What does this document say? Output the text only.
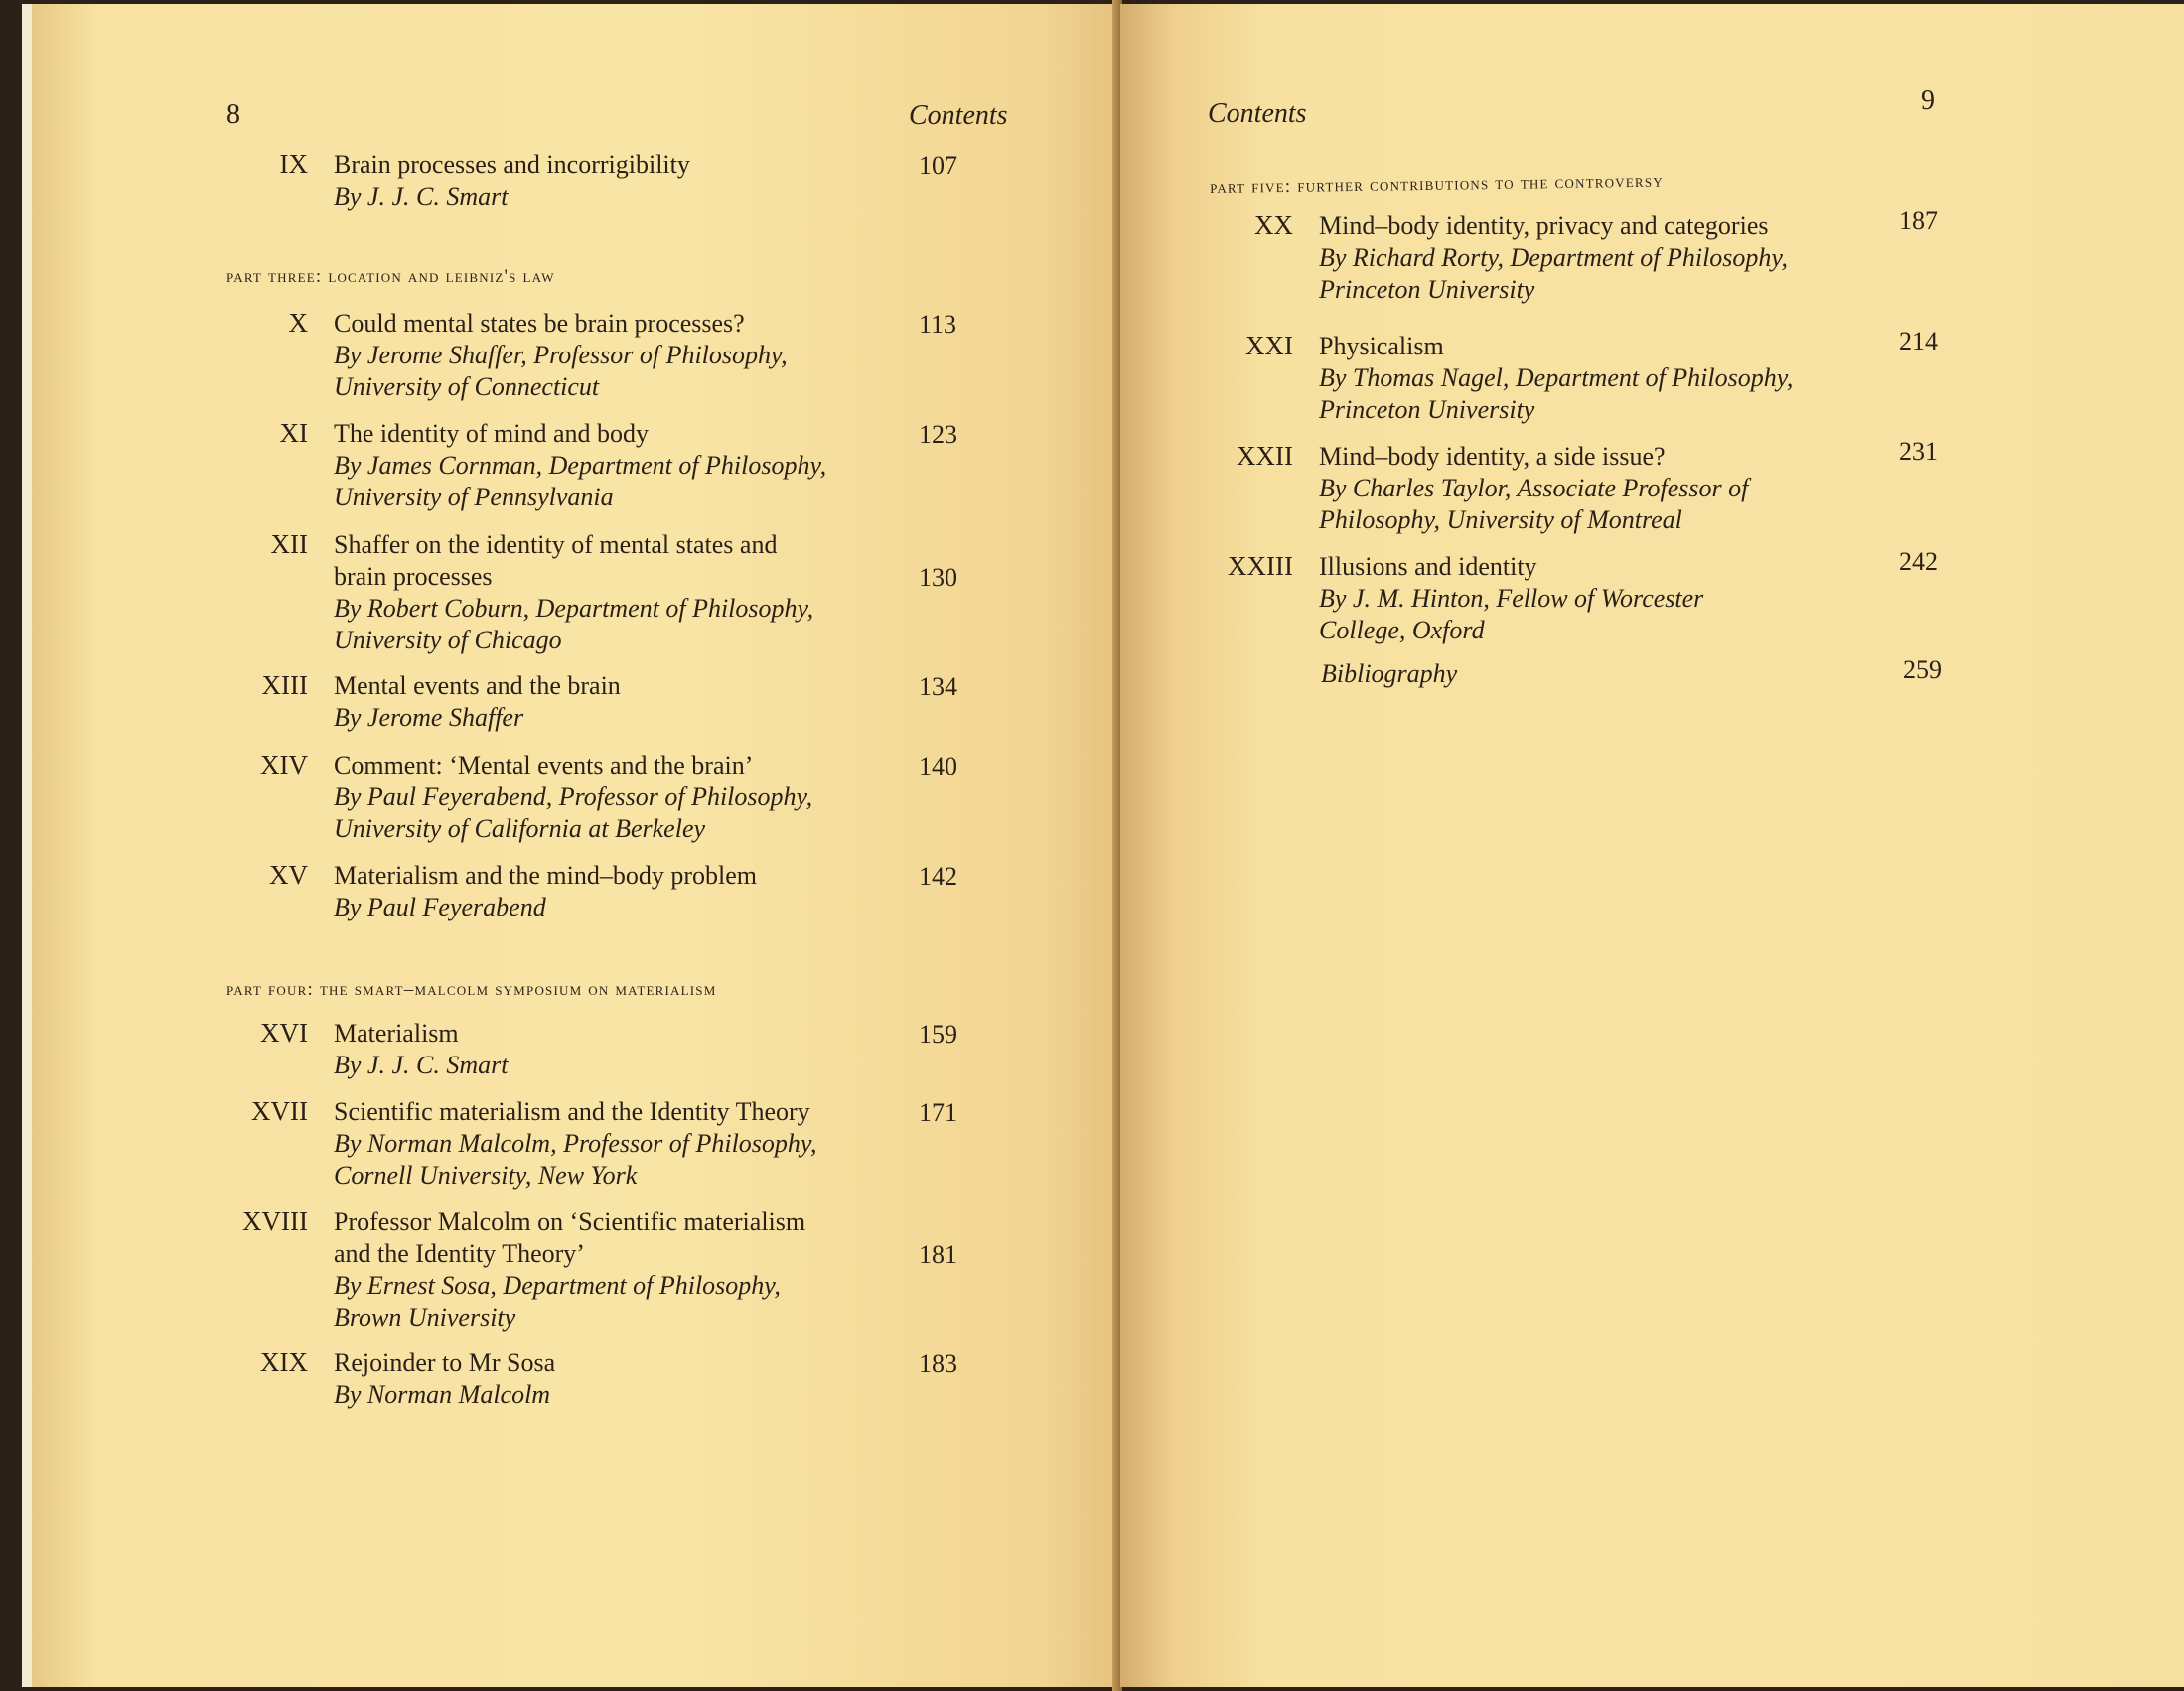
8	Contents	Contents	9
part three: location and leibniz's law
part four: the smart–malcolm symposium on materialism
part five: further contributions to the controversy
IX Brain processes and incorrigibility
By J. J. C. Smart
107
X Could mental states be brain processes?
By Jerome Shaffer, Professor of Philosophy,
University of Connecticut
113
XI The identity of mind and body
By James Cornman, Department of Philosophy,
University of Pennsylvania
123
XII Shaffer on the identity of mental states and
brain processes
By Robert Coburn, Department of Philosophy,
University of Chicago
130
XIII Mental events and the brain
By Jerome Shaffer
134
XIV Comment: ‘Mental events and the brain’
By Paul Feyerabend, Professor of Philosophy,
University of California at Berkeley
140
XV Materialism and the mind–body problem
By Paul Feyerabend
142
XVI Materialism
By J. J. C. Smart
159
XVII Scientific materialism and the Identity Theory
By Norman Malcolm, Professor of Philosophy,
Cornell University, New York
171
XVIII Professor Malcolm on ‘Scientific materialism
and the Identity Theory’
By Ernest Sosa, Department of Philosophy,
Brown University
181
XIX Rejoinder to Mr Sosa
By Norman Malcolm
183
XX Mind–body identity, privacy and categories
By Richard Rorty, Department of Philosophy,
Princeton University
187
XXI Physicalism
By Thomas Nagel, Department of Philosophy,
Princeton University
214
XXII Mind–body identity, a side issue?
By Charles Taylor, Associate Professor of
Philosophy, University of Montreal
231
XXIII Illusions and identity
By J. M. Hinton, Fellow of Worcester
College, Oxford
242
Bibliography	259
